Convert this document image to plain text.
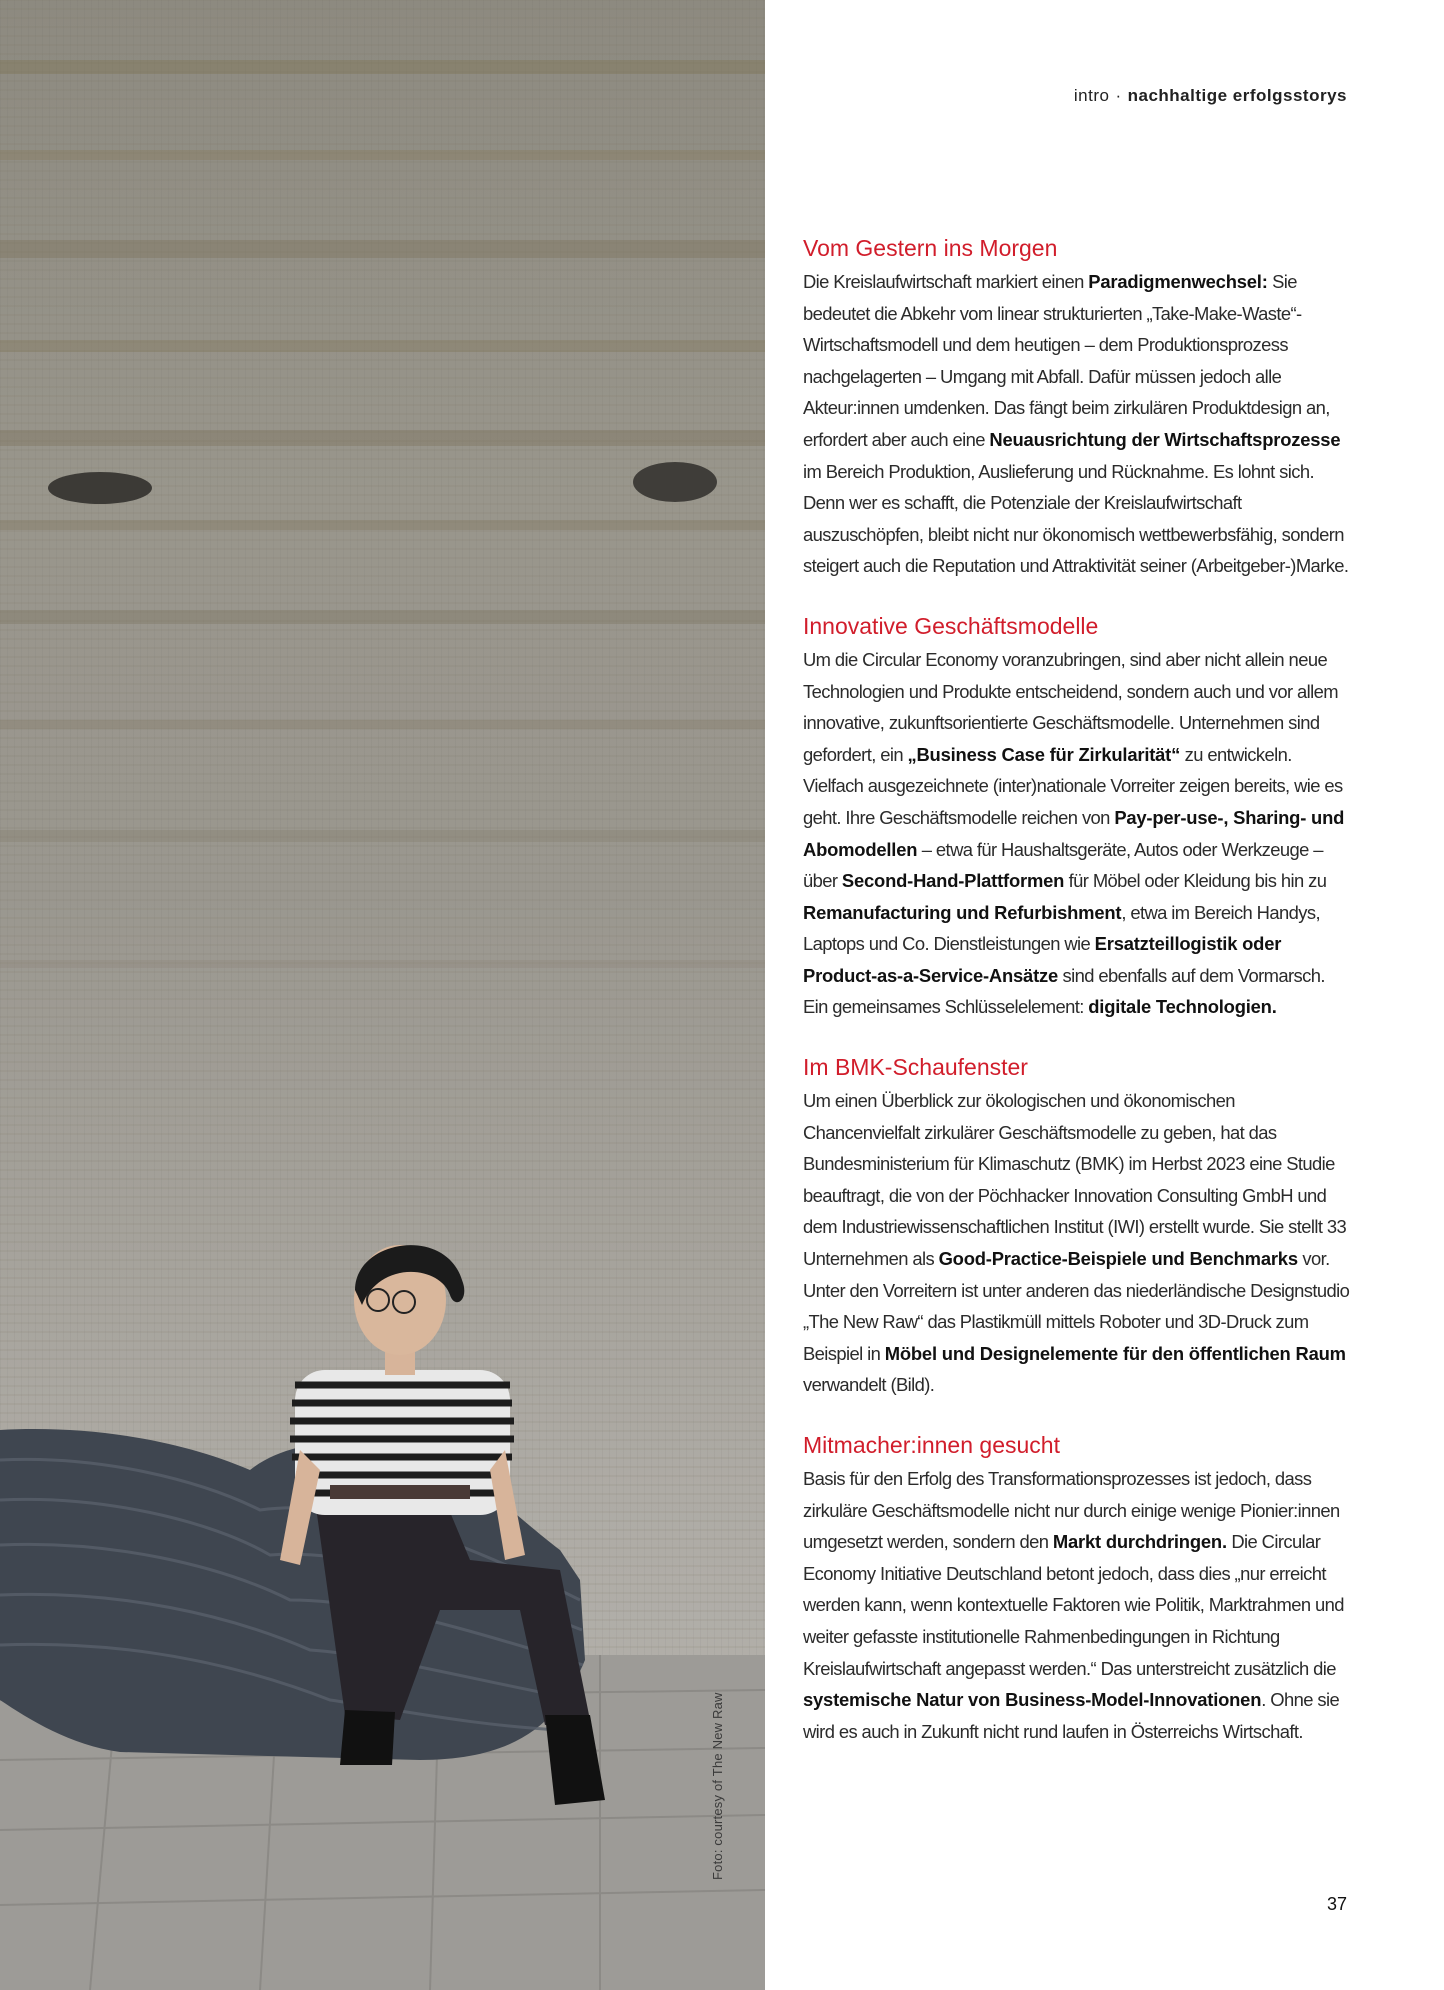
Foto: courtesy of The New Raw
intro · nachhaltige erfolgsstorys
Vom Gestern ins Morgen

Die Kreislaufwirtschaft markiert einen Paradigmenwechsel: Sie bedeutet die Abkehr vom linear strukturierten „Take-Make-Waste“-Wirtschaftsmodell und dem heutigen – dem Produktionsprozess nachgelagerten – Umgang mit Abfall. Dafür müssen jedoch alle Akteur:innen umdenken. Das fängt beim zirkulären Produktdesign an, erfordert aber auch eine Neuausrichtung der Wirtschaftsprozesse im Bereich Produktion, Auslieferung und Rücknahme. Es lohnt sich. Denn wer es schafft, die Potenziale der Kreislaufwirtschaft auszuschöpfen, bleibt nicht nur ökonomisch wettbewerbsfähig, sondern steigert auch die Reputation und Attraktivität seiner (Arbeitgeber-)Marke.

Innovative Geschäftsmodelle

Um die Circular Economy voranzubringen, sind aber nicht allein neue Technologien und Produkte entscheidend, sondern auch und vor allem innovative, zukunftsorientierte Geschäftsmodelle. Unternehmen sind gefordert, ein „Business Case für Zirkularität“ zu entwickeln. Vielfach ausgezeichnete (inter)nationale Vorreiter zeigen bereits, wie es geht. Ihre Geschäftsmodelle reichen von Pay-per-use-, Sharing- und Abomodellen – etwa für Haushaltsgeräte, Autos oder Werkzeuge – über Second-Hand-Plattformen für Möbel oder Kleidung bis hin zu Remanufacturing und Refurbishment, etwa im Bereich Handys, Laptops und Co. Dienstleistungen wie Ersatzteillogistik oder Product-as-a-Service-Ansätze sind ebenfalls auf dem Vormarsch. Ein gemeinsames Schlüsselelement: digitale Technologien.

Im BMK-Schaufenster

Um einen Überblick zur ökologischen und ökonomischen Chancenvielfalt zirkulärer Geschäftsmodelle zu geben, hat das Bundesministerium für Klimaschutz (BMK) im Herbst 2023 eine Studie beauftragt, die von der Pöchhacker Innovation Consulting GmbH und dem Industriewissenschaftlichen Institut (IWI) erstellt wurde. Sie stellt 33 Unternehmen als Good-Practice-Beispiele und Benchmarks vor. Unter den Vorreitern ist unter anderen das niederländische Designstudio „The New Raw“ das Plastikmüll mittels Roboter und 3D-Druck zum Beispiel in Möbel und Designelemente für den öffentlichen Raum verwandelt (Bild).

Mitmacher:innen gesucht

Basis für den Erfolg des Transformationsprozesses ist jedoch, dass zirkuläre Geschäftsmodelle nicht nur durch einige wenige Pionier:innen umgesetzt werden, sondern den Markt durchdringen. Die Circular Economy Initiative Deutschland betont jedoch, dass dies „nur erreicht werden kann, wenn kontextuelle Faktoren wie Politik, Marktrahmen und weiter gefasste institutionelle Rahmenbedingungen in Richtung Kreislaufwirtschaft angepasst werden.“ Das unterstreicht zusätzlich die systemische Natur von Business-Model-Innovationen. Ohne sie wird es auch in Zukunft nicht rund laufen in Österreichs Wirtschaft.

37
